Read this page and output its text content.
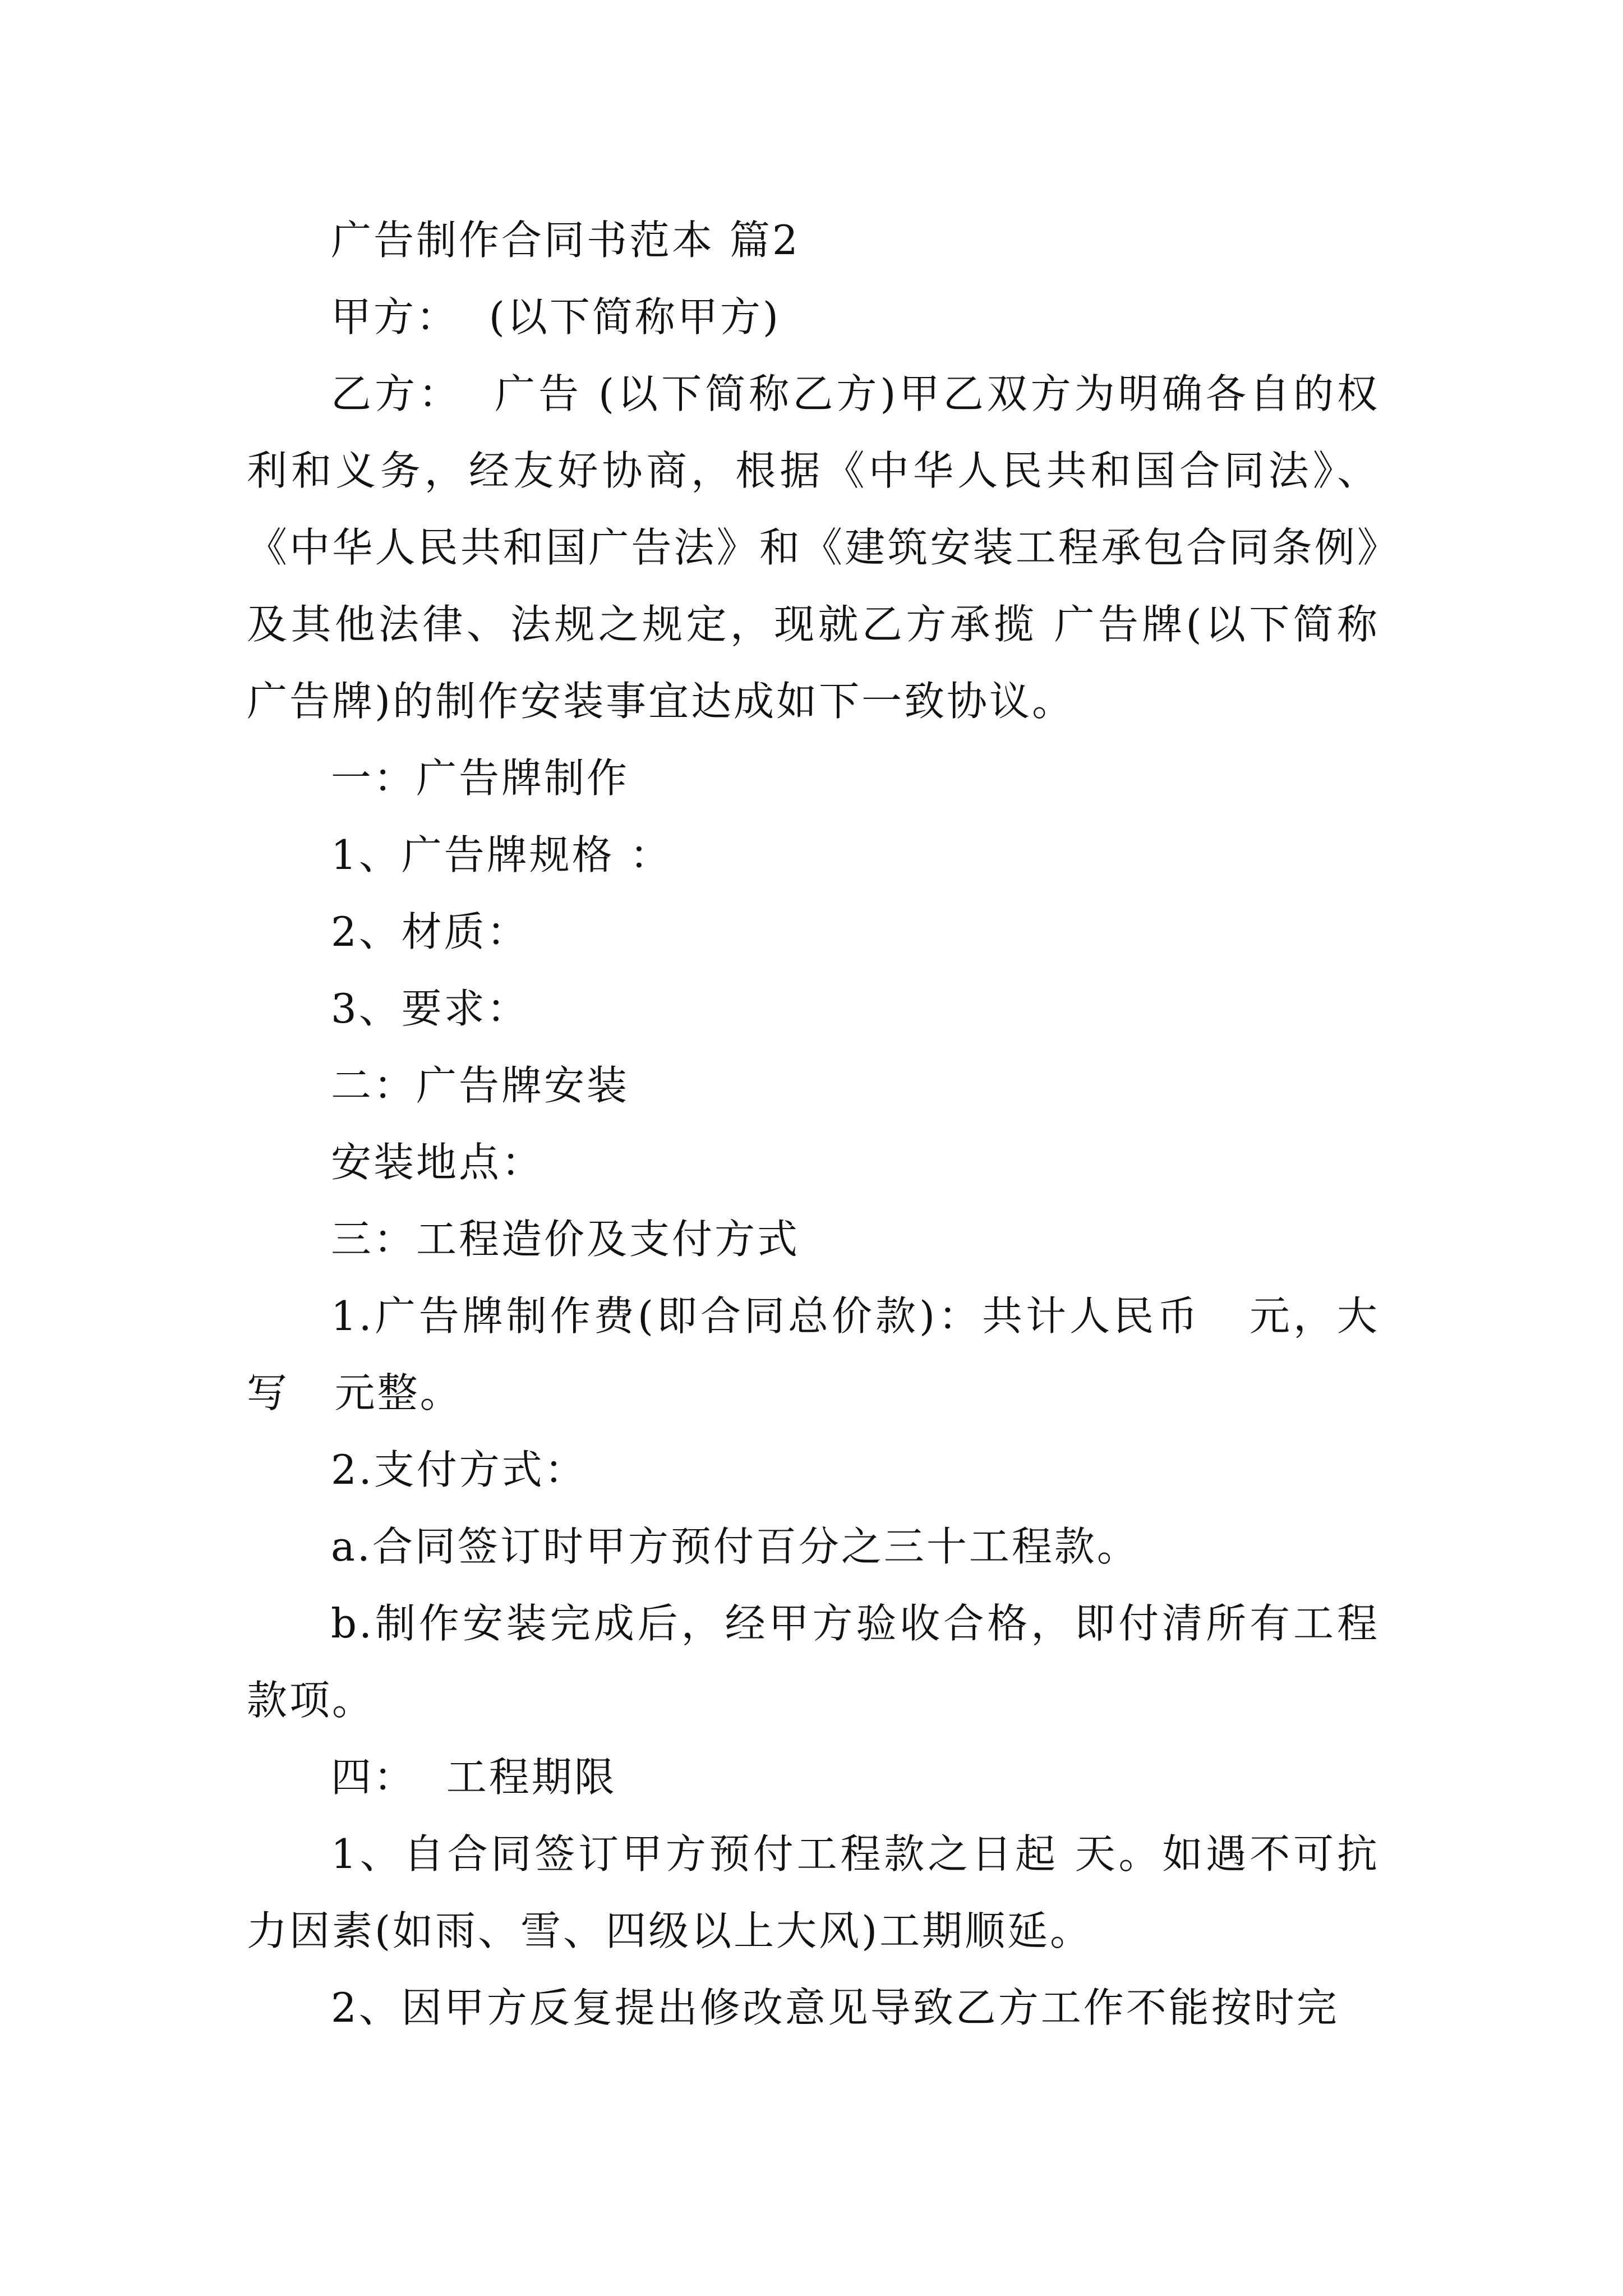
广告制作合同书范本 篇2

甲方：  (以下简称甲方)

乙方：  广告 (以下简称乙方)甲乙双方为明确各自的权利和义务，经友好协商，根据《中华人民共和国合同法》、《中华人民共和国广告法》和《建筑安装工程承包合同条例》及其他法律、法规之规定，现就乙方承揽 广告牌(以下简称广告牌)的制作安装事宜达成如下一致协议。

一：广告牌制作

1、广告牌规格 ：

2、材质：

3、要求：

二：广告牌安装

安装地点：

三：工程造价及支付方式

1.广告牌制作费(即合同总价款)：共计人民币   元，大写   元整。

2.支付方式：

a.合同签订时甲方预付百分之三十工程款。

b.制作安装完成后，经甲方验收合格，即付清所有工程款项。

四：  工程期限

1、自合同签订甲方预付工程款之日起 天。如遇不可抗力因素(如雨、雪、四级以上大风)工期顺延。

2、因甲方反复提出修改意见导致乙方工作不能按时完
